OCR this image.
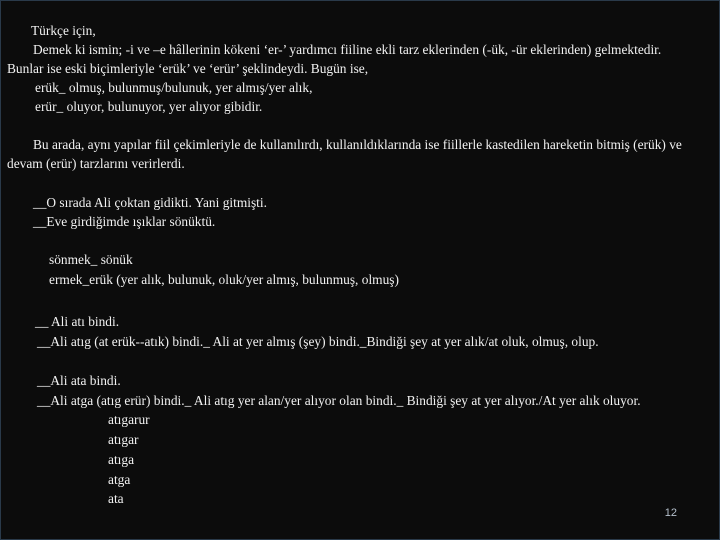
Türkçe için,
Demek ki ismin; -i ve –e hâllerinin kökeni ‘er-’ yardımcı fiiline ekli tarz eklerinden (-ük, -ür eklerinden) gelmektedir. Bunlar ise eski biçimleriyle ‘erük’ ve ‘erür’ şeklindeydi. Bugün ise,
erük_ olmuş, bulunmuş/bulunuk, yer almış/yer alık,
erür_ oluyor, bulunuyor, yer alıyor gibidir.
Bu arada, aynı yapılar fiil çekimleriyle de kullanılırdı, kullanıldıklarında ise fiillerle kastedilen hareketin bitmiş (erük) ve devam (erür) tarzlarını verirlerdi.
__O sırada Ali çoktan gidikti. Yani gitmişti.
__Eve girdiğimde ışıklar sönüktü.
sönmek_ sönük
ermek_erük (yer alık, bulunuk, oluk/yer almış, bulunmuş, olmuş)
__ Ali atı bindi.
__Ali atıg (at erük--atık) bindi._ Ali at yer almış (şey) bindi._Bindiği şey at yer alık/at oluk, olmuş, olup.
__Ali ata bindi.
__Ali atga (atıg erür) bindi._ Ali atıg yer alan/yer alıyor olan bindi._ Bindiği şey at yer alıyor./At yer alık oluyor.
atıgarur
atıgar
atıga
atga
ata
12
